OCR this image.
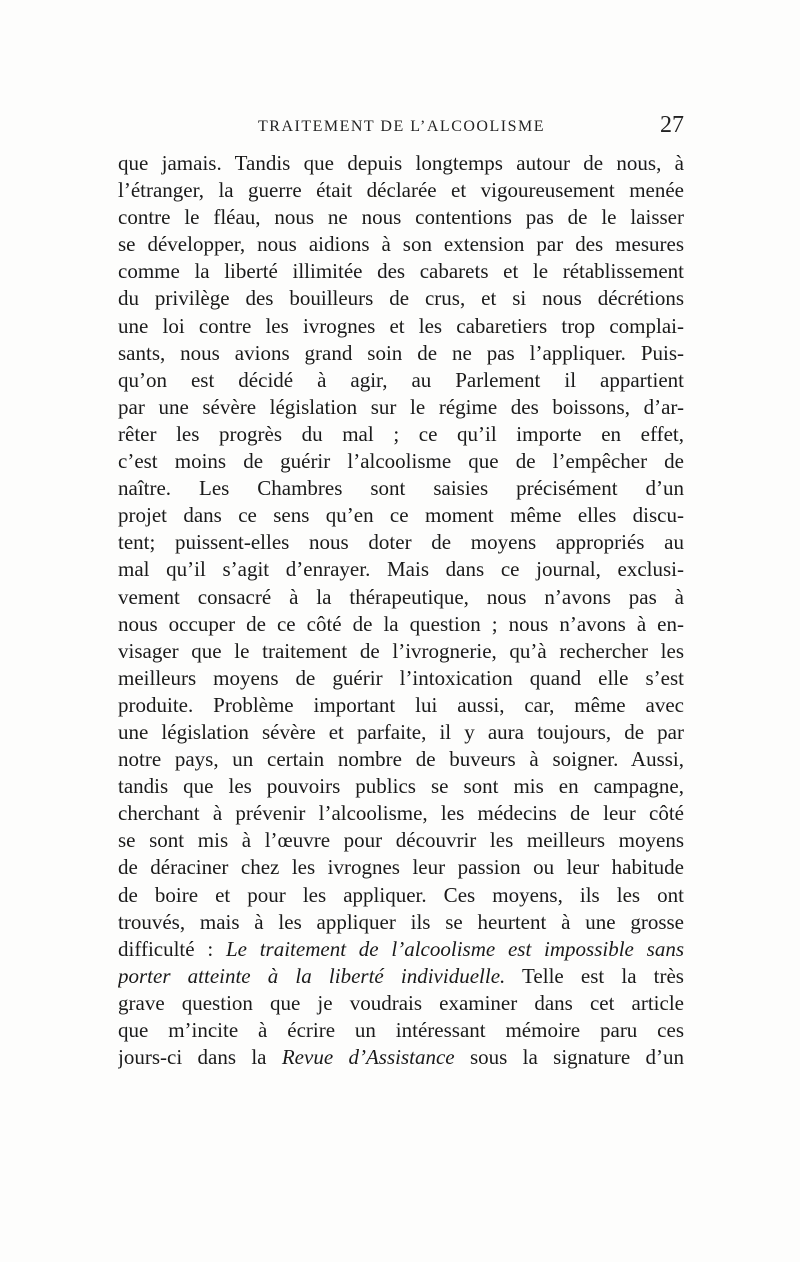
TRAITEMENT DE L’ALCOOLISME	27
que jamais. Tandis que depuis longtemps autour de nous, à
l’étranger, la guerre était déclarée et vigoureusement menée
contre le fléau, nous ne nous contentions pas de le laisser
se développer, nous aidions à son extension par des mesures
comme la liberté illimitée des cabarets et le rétablissement
du privilège des bouilleurs de crus, et si nous décrétions
une loi contre les ivrognes et les cabaretiers trop complai-
sants, nous avions grand soin de ne pas l’appliquer. Puis-
qu’on est décidé à agir, au Parlement il appartient
par une sévère législation sur le régime des boissons, d’ar-
rêter les progrès du mal ; ce qu’il importe en effet,
c’est moins de guérir l’alcoolisme que de l’empêcher de
naître. Les Chambres sont saisies précisément d’un
projet dans ce sens qu’en ce moment même elles discu-
tent; puissent-elles nous doter de moyens appropriés au
mal qu’il s’agit d’enrayer. Mais dans ce journal, exclusi-
vement consacré à la thérapeutique, nous n’avons pas à
nous occuper de ce côté de la question ; nous n’avons à en-
visager que le traitement de l’ivrognerie, qu’à rechercher les
meilleurs moyens de guérir l’intoxication quand elle s’est
produite. Problème important lui aussi, car, même avec
une législation sévère et parfaite, il y aura toujours, de par
notre pays, un certain nombre de buveurs à soigner. Aussi,
tandis que les pouvoirs publics se sont mis en campagne,
cherchant à prévenir l’alcoolisme, les médecins de leur côté
se sont mis à l’œuvre pour découvrir les meilleurs moyens
de déraciner chez les ivrognes leur passion ou leur habitude
de boire et pour les appliquer. Ces moyens, ils les ont
trouvés, mais à les appliquer ils se heurtent à une grosse
difficulté : Le traitement de l’alcoolisme est impossible sans
porter atteinte à la liberté individuelle. Telle est la très
grave question que je voudrais examiner dans cet article
que m’incite à écrire un intéressant mémoire paru ces
jours-ci dans la Revue d’Assistance sous la signature d’un
